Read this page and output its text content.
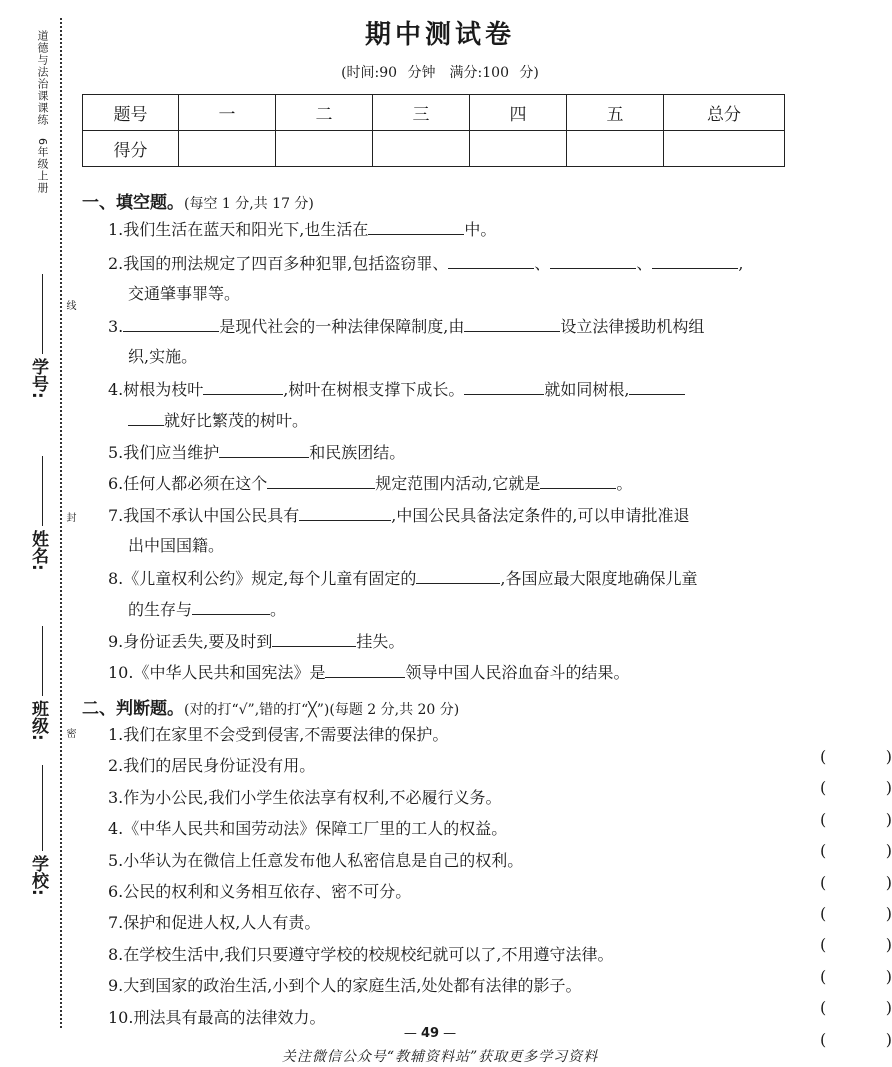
道德与法治课课练　6年级上册
学号:
姓名:
班级:
学校:
线
封
密
期中测试卷
(时间:90 分钟　满分:100 分)
题号	一	二	三	四	五	总分
得分						
一、填空题。(每空 1 分,共 17 分)
1.我们生活在蓝天和阳光下,也生活在	中。
2.我国的刑法规定了四百多种犯罪,包括盗窃罪、	、	、	,
交通肇事罪等。
3.	是现代社会的一种法律保障制度,由	设立法律援助机构组
织,实施。
4.树根为枝叶	,树叶在树根支撑下成长。	就如同树根,
就好比繁茂的树叶。
5.我们应当维护	和民族团结。
6.任何人都必须在这个	规定范围内活动,它就是	。
7.我国不承认中国公民具有	,中国公民具备法定条件的,可以申请批准退
出中国国籍。
8.《儿童权利公约》规定,每个儿童有固定的	,各国应最大限度地确保儿童
的生存与	。
9.身份证丢失,要及时到	挂失。
10.《中华人民共和国宪法》是	领导中国人民浴血奋斗的结果。
二、判断题。(对的打“√”,错的打“╳”)(每题 2 分,共 20 分)
1.我们在家里不会受到侵害,不需要法律的保护。
(	)
2.我们的居民身份证没有用。
(	)
3.作为小公民,我们小学生依法享有权利,不必履行义务。
(	)
4.《中华人民共和国劳动法》保障工厂里的工人的权益。
(	)
5.小华认为在微信上任意发布他人私密信息是自己的权利。
(	)
6.公民的权利和义务相互依存、密不可分。
(	)
7.保护和促进人权,人人有责。
(	)
8.在学校生活中,我们只要遵守学校的校规校纪就可以了,不用遵守法律。
(	)
9.大到国家的政治生活,小到个人的家庭生活,处处都有法律的影子。
(	)
10.刑法具有最高的法律效力。
(	)
— 49 —
关注微信公众号“教辅资料站”获取更多学习资料
